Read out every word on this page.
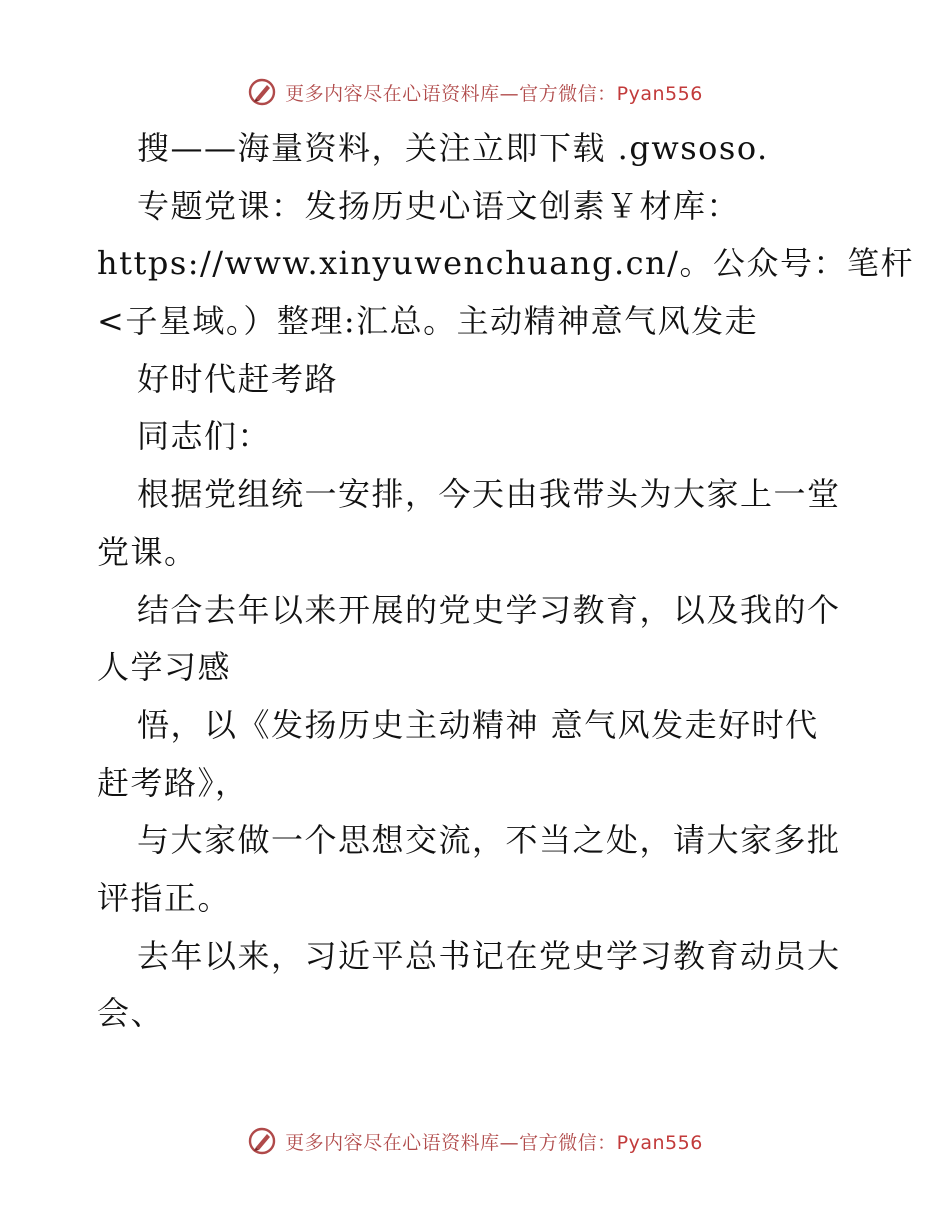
更多内容尽在心语资料库—官方微信：Pyan556
搜——海量资料，关注立即下载 .gwsoso.
专题党课：发扬历史心语文创素￥材库：
https://www.xinyuwenchuang.cn/。公众号：笔杆
<子星域。）整理:汇总。主动精神意气风发走
好时代赶考路
同志们：
根据党组统一安排，今天由我带头为大家上一堂
党课。
结合去年以来开展的党史学习教育，以及我的个
人学习感
悟，以《发扬历史主动精神 意气风发走好时代
赶考路》，
与大家做一个思想交流，不当之处，请大家多批
评指正。
去年以来，习近平总书记在党史学习教育动员大
会、
更多内容尽在心语资料库—官方微信：Pyan556
